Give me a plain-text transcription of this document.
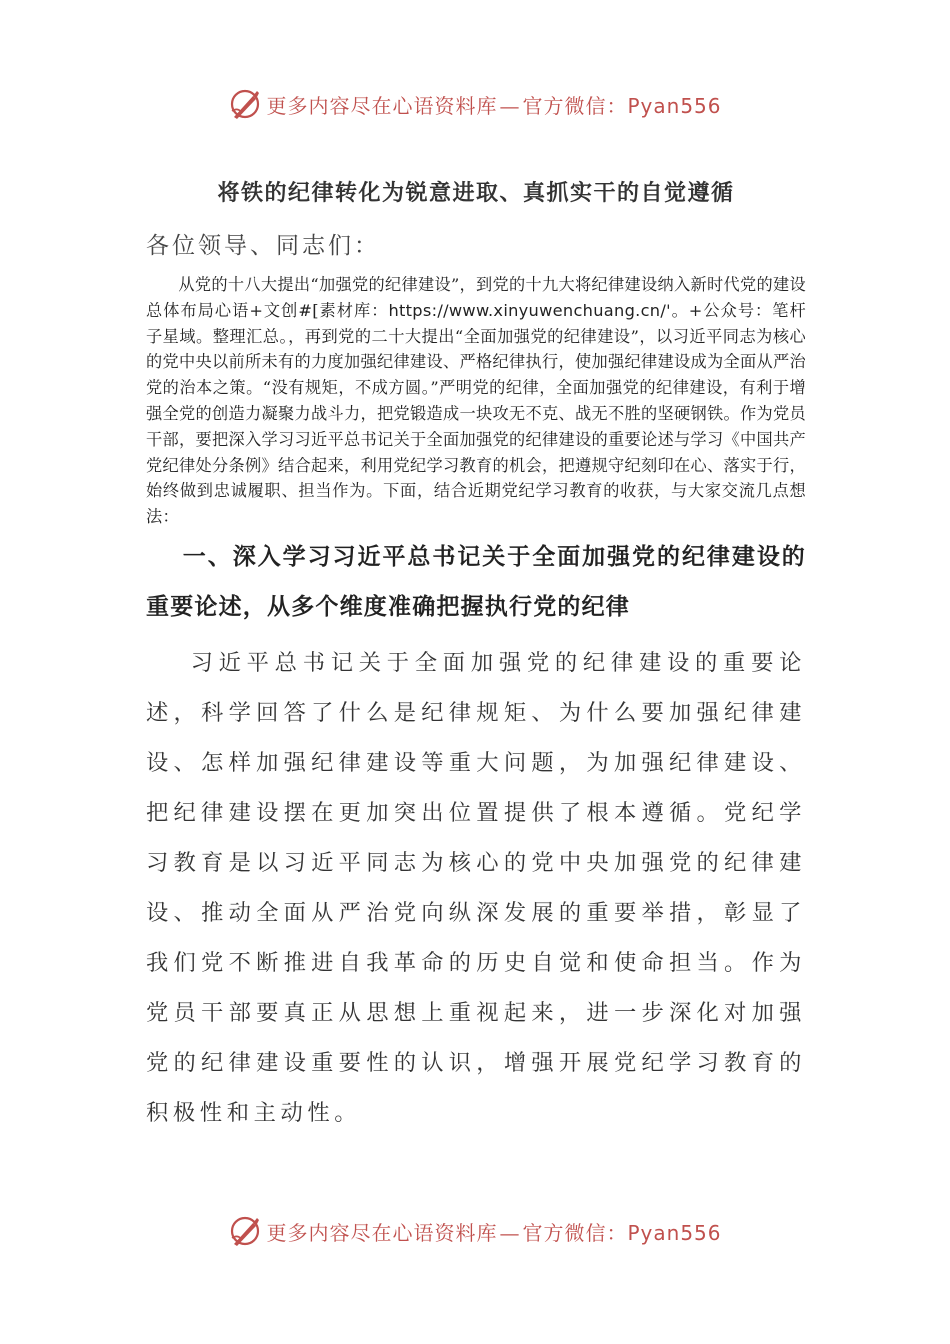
更多内容尽在心语资料库 — 官方微信：Pyan556
将铁的纪律转化为锐意进取、真抓实干的自觉遵循
各位领导、同志们：

从党的十八大提出“加强党的纪律建设”，到党的十九大将纪律建设纳入新时代党的建设总体布局心语+文创#[素材库：https://www.xinyuwenchuang.cn/'。+公众号：笔杆子星域。整理汇总。，再到党的二十大提出“全面加强党的纪律建设”，以习近平同志为核心的党中央以前所未有的力度加强纪律建设、严格纪律执行，使加强纪律建设成为全面从严治党的治本之策。“没有规矩，不成方圆。”严明党的纪律，全面加强党的纪律建设，有利于增强全党的创造力凝聚力战斗力，把党锻造成一块攻无不克、战无不胜的坚硬钢铁。作为党员干部，要把深入学习习近平总书记关于全面加强党的纪律建设的重要论述与学习《中国共产党纪律处分条例》结合起来，利用党纪学习教育的机会，把遵规守纪刻印在心、落实于行，始终做到忠诚履职、担当作为。下面，结合近期党纪学习教育的收获，与大家交流几点想法：

一、深入学习习近平总书记关于全面加强党的纪律建设的重要论述，从多个维度准确把握执行党的纪律

习近平总书记关于全面加强党的纪律建设的重要论述，科学回答了什么是纪律规矩、为什么要加强纪律建设、怎样加强纪律建设等重大问题，为加强纪律建设、把纪律建设摆在更加突出位置提供了根本遵循。党纪学习教育是以习近平同志为核心的党中央加强党的纪律建设、推动全面从严治党向纵深发展的重要举措，彰显了我们党不断推进自我革命的历史自觉和使命担当。作为党员干部要真正从思想上重视起来，进一步深化对加强党的纪律建设重要性的认识，增强开展党纪学习教育的积极性和主动性。

更多内容尽在心语资料库 — 官方微信：Pyan556
